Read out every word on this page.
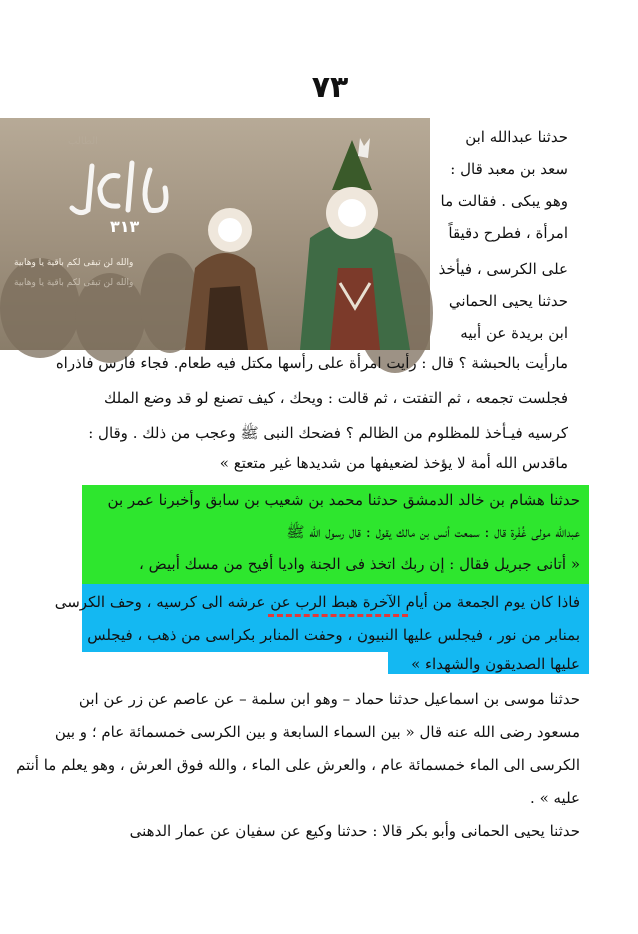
٧٣
حدثنا عبدالله ابن
سعد بن معبد قال :
وهو يبكى . فقالت ما
امرأة ، فطرح دقيقاً
على الكرسى ، فيأخذ
حدثنا يحيى الحماني
ابن بريدة عن أبيه
الطالب
٣١٣
والله لن تبقى لكم باقية يا وهابية
والله لن تبقى لكم باقية يا وهابية
مارأيت بالحبشة ؟ قال : رأيت امرأة على رأسها مكتل فيه طعام. فجاء فارس فاذراه
فجلست تجمعه ، ثم التفتت ، ثم قالت : ويحك ، كيف تصنع لو قد وضع الملك
كرسيه فيـأخذ للمظلوم من الظالم ؟ فضحك النبى ﷺ وعجب من ذلك . وقال :
ماقدس الله أمة لا يؤخذ لضعيفها من شديدها غير متعتع »
حدثنا هشام بن خالد الدمشق حدثنا محمد بن شعيب بن سابق وأخبرنا عمر بن
عبدالله مولى غُفْرة قال : سمعت أنس بن مالك يقول : قال رسول الله ﷺ
« أتانى جبريل فقال : إن ربك اتخذ فى الجنة واديا أفيح من مسك أبيض ،
فاذا كان يوم الجمعة من أيام الآخرة هبط الرب عن عرشه الى كرسيه ، وحف الكرسى
بمنابر من نور ، فيجلس عليها النبيون ، وحفت المنابر بكراسى من ذهب ، فيجلس
عليها الصديقون والشهداء »
حدثنا موسى بن اسماعيل حدثنا حماد – وهو ابن سلمة – عن عاصم عن زر عن ابن
مسعود رضى الله عنه قال « بين السماء السابعة و بين الكرسى خمسمائة عام ؛ و بين
الكرسى الى الماء خمسمائة عام ، والعرش على الماء ، والله فوق العرش ، وهو يعلم ما أنتم
عليه » .
حدثنا يحيى الحمانى وأبو بكر قالا : حدثنا وكيع عن سفيان عن عمار الدهنى
